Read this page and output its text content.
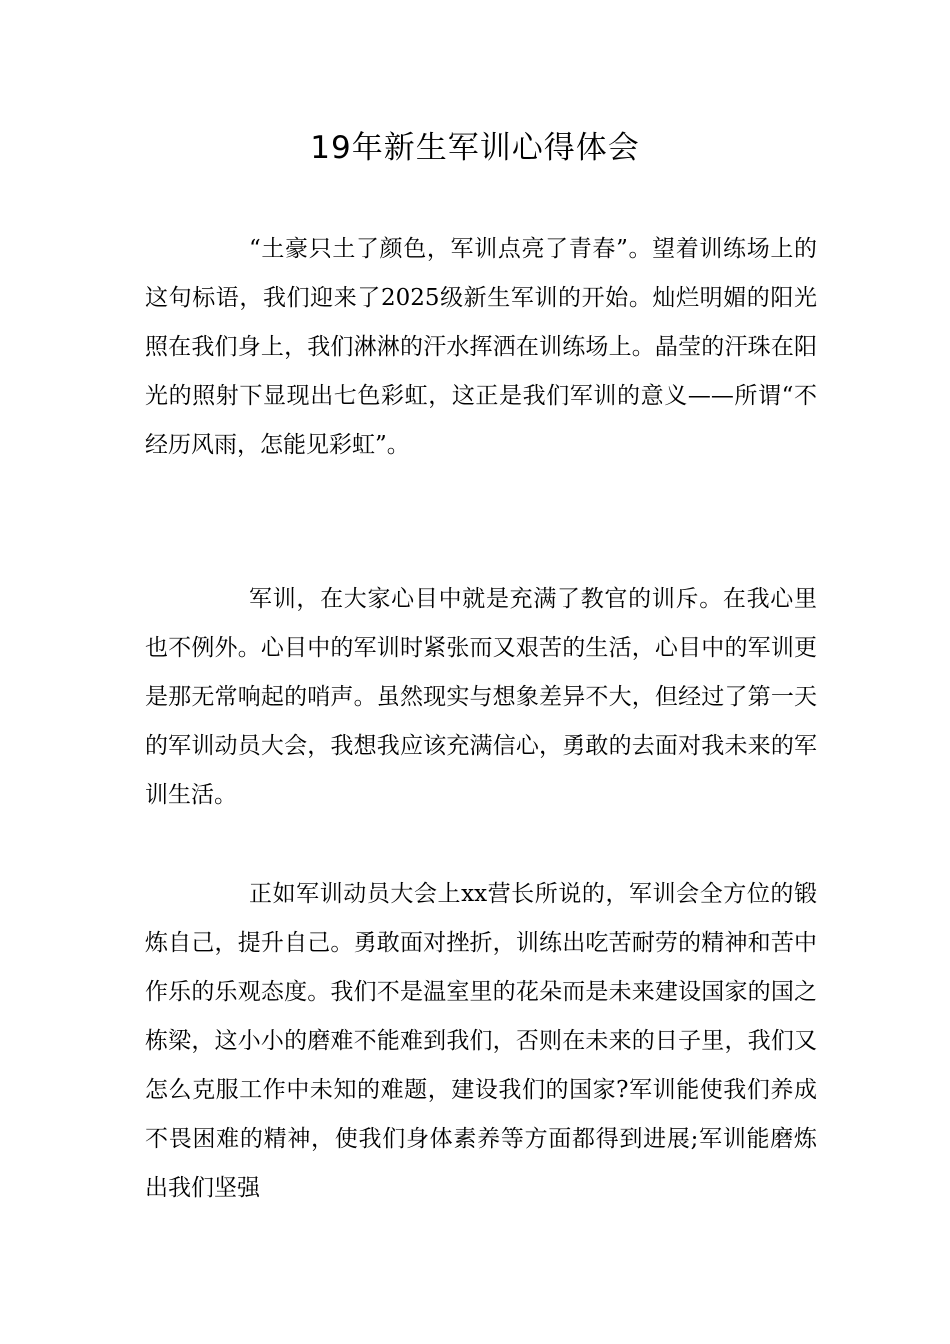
19年新生军训心得体会

“土豪只土了颜色，军训点亮了青春”。望着训练场上的这句标语，我们迎来了2025级新生军训的开始。灿烂明媚的阳光照在我们身上，我们淋淋的汗水挥洒在训练场上。晶莹的汗珠在阳光的照射下显现出七色彩虹，这正是我们军训的意义——所谓“不经历风雨，怎能见彩虹”。

军训，在大家心目中就是充满了教官的训斥。在我心里也不例外。心目中的军训时紧张而又艰苦的生活，心目中的军训更是那无常响起的哨声。虽然现实与想象差异不大，但经过了第一天的军训动员大会，我想我应该充满信心，勇敢的去面对我未来的军训生活。

正如军训动员大会上xx营长所说的，军训会全方位的锻炼自己，提升自己。勇敢面对挫折，训练出吃苦耐劳的精神和苦中作乐的乐观态度。我们不是温室里的花朵而是未来建设国家的国之栋梁，这小小的磨难不能难到我们，否则在未来的日子里，我们又怎么克服工作中未知的难题，建设我们的国家?军训能使我们养成不畏困难的精神，使我们身体素养等方面都得到进展;军训能磨炼出我们坚强
